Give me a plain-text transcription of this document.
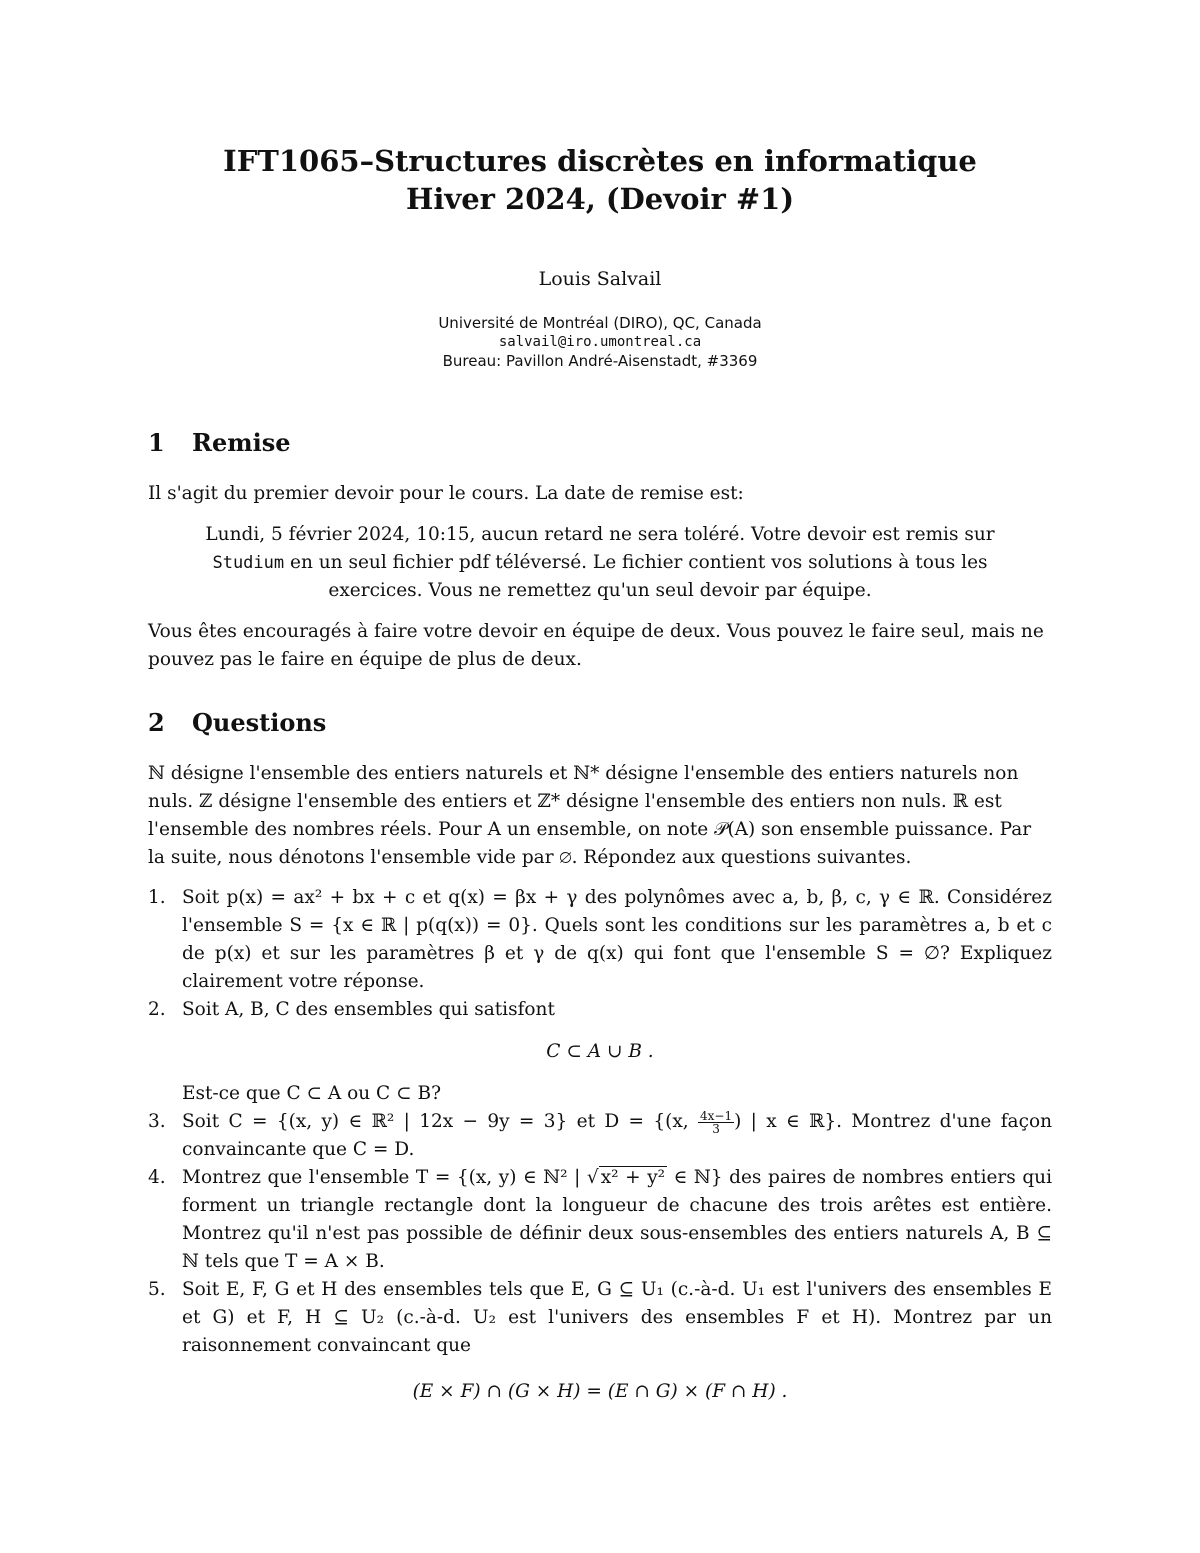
IFT1065–Structures discrètes en informatique
Hiver 2024, (Devoir #1)
Louis Salvail
Université de Montréal (DIRO), QC, Canada
salvail@iro.umontreal.ca
Bureau: Pavillon André-Aisenstadt, #3369
1 Remise

Il s'agit du premier devoir pour le cours. La date de remise est:

Lundi, 5 février 2024, 10:15, aucun retard ne sera toléré. Votre devoir est remis sur
Studium en un seul fichier pdf téléversé. Le fichier contient vos solutions à tous les exercices. Vous ne remettez qu'un seul devoir par équipe.

Vous êtes encouragés à faire votre devoir en équipe de deux. Vous pouvez le faire seul, mais ne pouvez pas le faire en équipe de plus de deux.

2 Questions

ℕ désigne l'ensemble des entiers naturels et ℕ* désigne l'ensemble des entiers naturels non nuls. ℤ désigne l'ensemble des entiers et ℤ* désigne l'ensemble des entiers non nuls. ℝ est l'ensemble des nombres réels. Pour A un ensemble, on note 𝒫(A) son ensemble puissance. Par la suite, nous dénotons l'ensemble vide par ∅. Répondez aux questions suivantes.

1. Soit p(x) = ax² + bx + c et q(x) = βx + γ des polynômes avec a, b, β, c, γ ∈ ℝ. Considérez l'ensemble S = {x ∈ ℝ | p(q(x)) = 0}. Quels sont les conditions sur les paramètres a, b et c de p(x) et sur les paramètres β et γ de q(x) qui font que l'ensemble S = ∅? Expliquez clairement votre réponse.
2. Soit A, B, C des ensembles qui satisfont
C ⊂ A ∪ B .
Est-ce que C ⊂ A ou C ⊂ B?
3. Soit C = {(x, y) ∈ ℝ² | 12x − 9y = 3} et D = {(x, $\frac{4x-1}{3}$ ) | x ∈ ℝ}. Montrez d'une façon convaincante que C = D.
4. Montrez que l'ensemble T = {(x, y) ∈ ℕ² | √ x² + y² ∈ ℕ} des paires de nombres entiers qui forment un triangle rectangle dont la longueur de chacune des trois arêtes est entière. Montrez qu'il n'est pas possible de définir deux sous-ensembles des entiers naturels A, B ⊆ ℕ tels que T = A × B.
5. Soit E, F, G et H des ensembles tels que E, G ⊆ U₁ (c.-à-d. U₁ est l'univers des ensembles E et G) et F, H ⊆ U₂ (c.-à-d. U₂ est l'univers des ensembles F et H). Montrez par un raisonnement convaincant que
(E × F) ∩ (G × H) = (E ∩ G) × (F ∩ H) .
